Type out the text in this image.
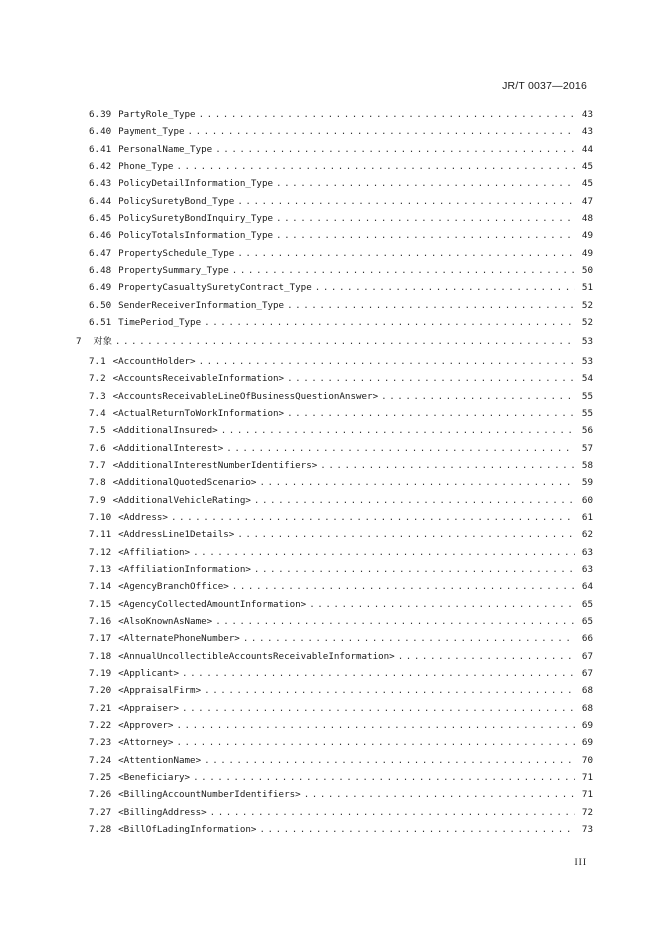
JR/T 0037—2016
6.39 PartyRole_Type . . .	43
6.40 Payment_Type . . .	43
6.41 PersonalName_Type . . .	44
6.42 Phone_Type . . .	45
6.43 PolicyDetailInformation_Type . . .	45
6.44 PolicySuretyBond_Type . . .	47
6.45 PolicySuretyBondInquiry_Type . . .	48
6.46 PolicyTotalsInformation_Type . . .	49
6.47 PropertySchedule_Type . . .	49
6.48 PropertySummary_Type . . .	50
6.49 PropertyCasualtySuretyContract_Type . . .	51
6.50 SenderReceiverInformation_Type . . .	52
6.51 TimePeriod_Type . . .	52
7 对象 . . .	53
7.1 <AccountHolder> . . .	53
7.2 <AccountsReceivableInformation> . . .	54
7.3 <AccountsReceivableLineOfBusinessQuestionAnswer> . . .	55
7.4 <ActualReturnToWorkInformation> . . .	55
7.5 <AdditionalInsured> . . .	56
7.6 <AdditionalInterest> . . .	57
7.7 <AdditionalInterestNumberIdentifiers> . . .	58
7.8 <AdditionalQuotedScenario> . . .	59
7.9 <AdditionalVehicleRating> . . .	60
7.10 <Address> . . .	61
7.11 <AddressLine1Details> . . .	62
7.12 <Affiliation> . . .	63
7.13 <AffiliationInformation> . . .	63
7.14 <AgencyBranchOffice> . . .	64
7.15 <AgencyCollectedAmountInformation> . . .	65
7.16 <AlsoKnownAsName> . . .	65
7.17 <AlternatePhoneNumber> . . .	66
7.18 <AnnualUncollectibleAccountsReceivableInformation> . . .	67
7.19 <Applicant> . . .	67
7.20 <AppraisalFirm> . . .	68
7.21 <Appraiser> . . .	68
7.22 <Approver> . . .	69
7.23 <Attorney> . . .	69
7.24 <AttentionName> . . .	70
7.25 <Beneficiary> . . .	71
7.26 <BillingAccountNumberIdentifiers> . . .	71
7.27 <BillingAddress> . . .	72
7.28 <BillOfLadingInformation> . . .	73
III
